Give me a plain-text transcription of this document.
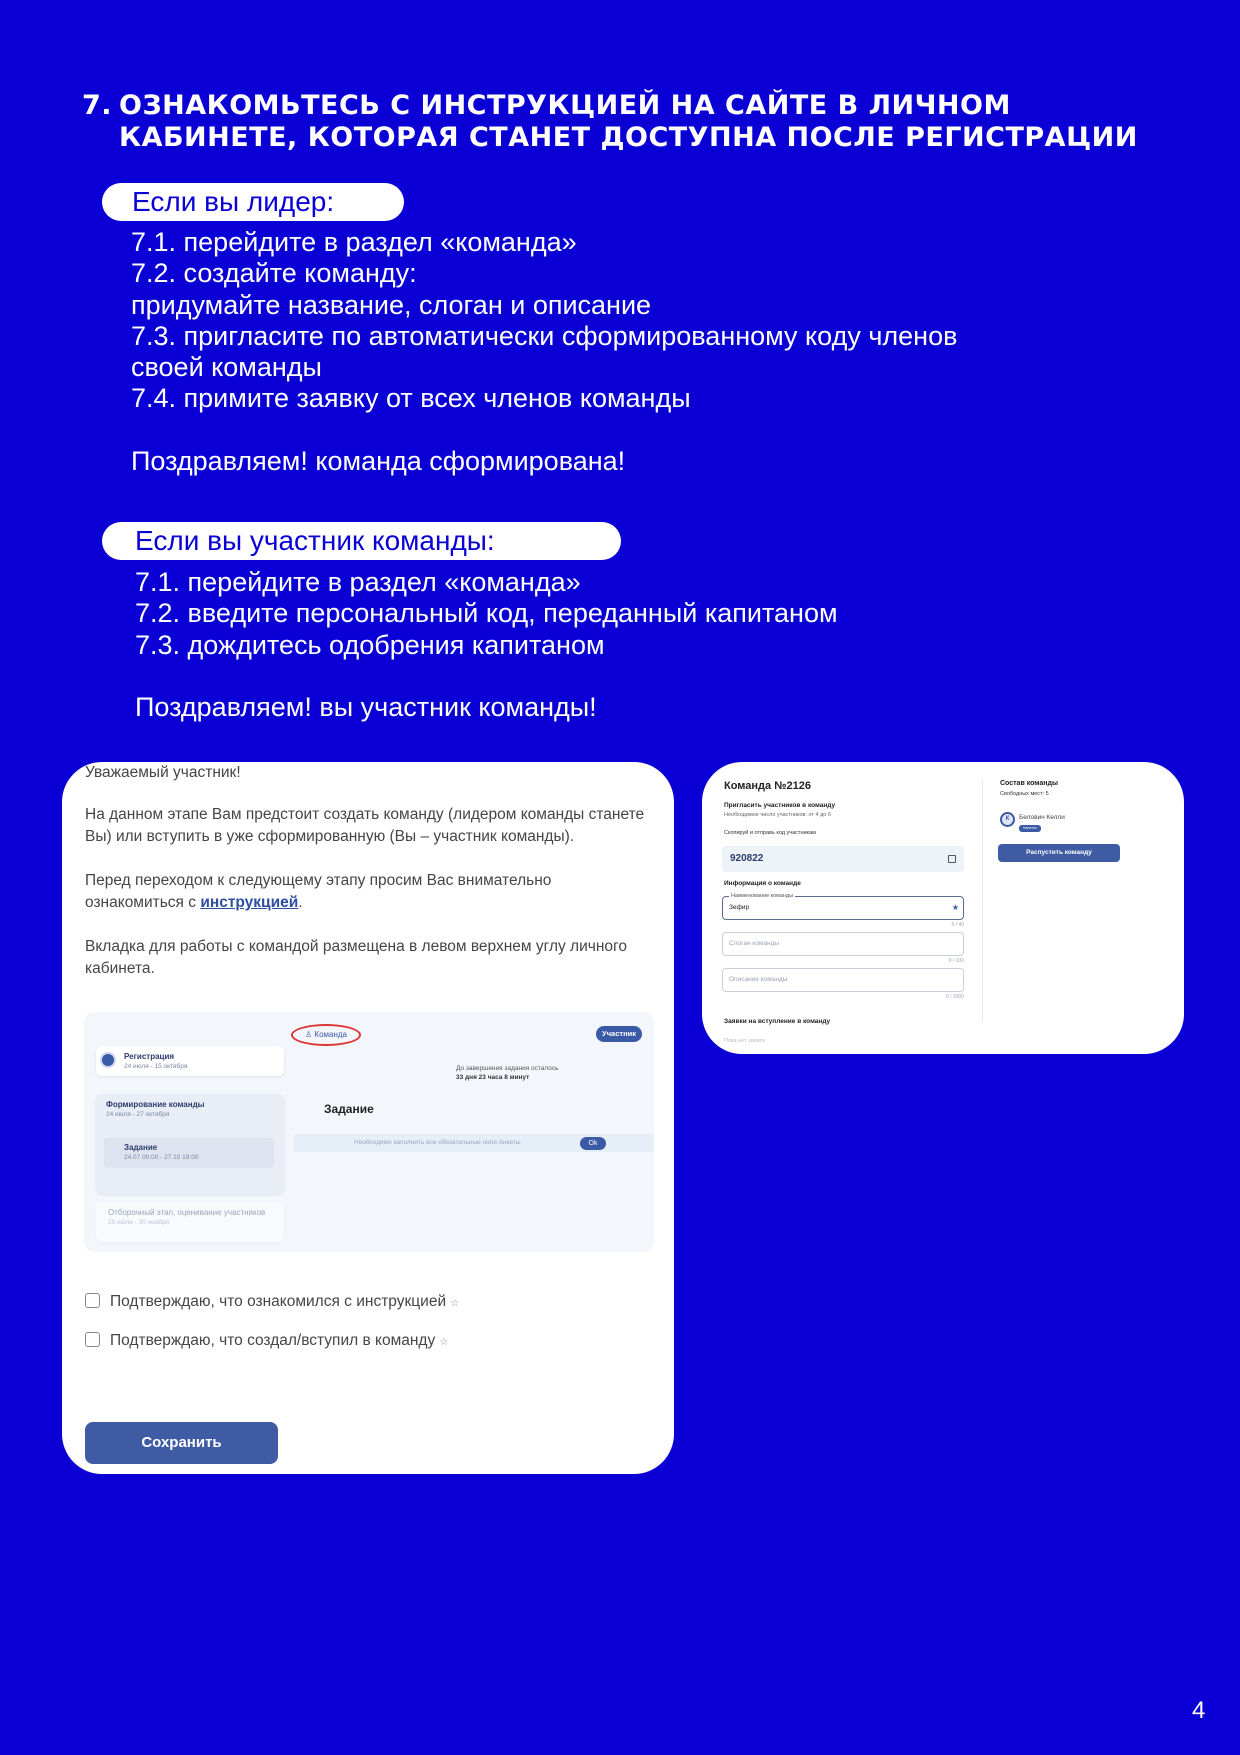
7. ОЗНАКОМЬТЕСЬ С ИНСТРУКЦИЕЙ НА САЙТЕ В ЛИЧНОМ КАБИНЕТЕ, КОТОРАЯ СТАНЕТ ДОСТУПНА ПОСЛЕ РЕГИСТРАЦИИ
Если вы лидер:
7.1. перейдите в раздел «команда»
7.2. создайте команду:
придумайте название, слоган и описание
7.3. пригласите по автоматически сформированному коду членов
своей команды
7.4. примите заявку от всех членов команды
Поздравляем! команда сформирована!
Если вы участник команды:
7.1. перейдите в раздел «команда»
7.2. введите персональный код, переданный капитаном
7.3. дождитесь одобрения капитаном
Поздравляем! вы участник команды!
Уважаемый участник!
На данном этапе Вам предстоит создать команду (лидером команды станете Вы) или вступить в уже сформированную (Вы – участник команды).
Перед переходом к следующему этапу просим Вас внимательно ознакомиться с инструкцией.
Вкладка для работы с командой размещена в левом верхнем углу личного кабинета.
♙ Команда	Участник
Регистрация
24 июля - 15 октября
Формирование команды
24 июля - 27 октября
Задание
24.07 00:00 - 27.10 19:00
Отборочный этап, оценивание участников
25 июля - 30 ноября
До завершения задания осталось
33 дня 23 часа 8 минут
Задание
Необходимо заполнить все обязательные поля Анкеты	Ok
Подтверждаю, что ознакомился с инструкцией ☆
Подтверждаю, что создал/вступил в команду ☆
Сохранить
Команда №2126
Пригласить участников в команду
Необходимое число участников: от 4 до 6
Скопируй и отправь код участникам
920822
Информация о команде
Наименование команды
Зефир	★
5 / 40
Слоган команды
0 / 100
Описание команды
0 / 1000
Заявки на вступление в команду
Пока нет заявок
Состав команды
Свободных мест: 5
К	Белович Келли
Капитан
Распустить команду
4
